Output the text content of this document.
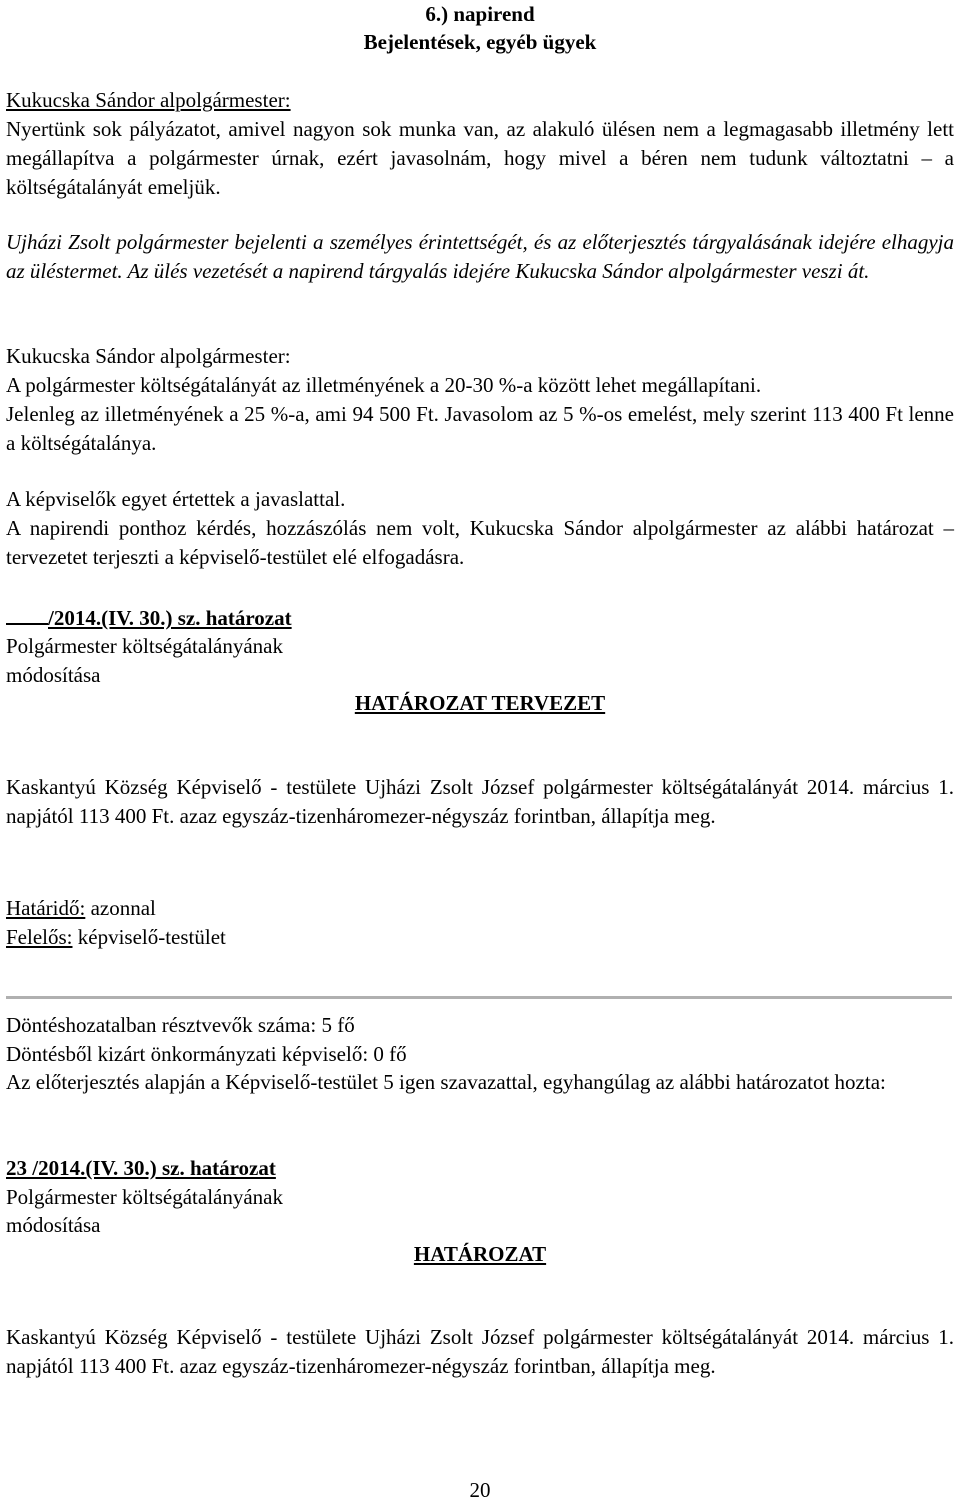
6.) napirend

Bejelentések, egyéb ügyek

Kukucska Sándor alpolgármester:

Nyertünk sok pályázatot, amivel nagyon sok munka van, az alakuló ülésen nem a legmagasabb illetmény lett megállapítva a polgármester úrnak, ezért javasolnám, hogy mivel a béren nem tudunk változtatni – a költségátalányát emeljük.

Ujházi Zsolt polgármester bejelenti a személyes érintettségét, és az előterjesztés tárgyalásának idejére elhagyja az üléstermet. Az ülés vezetését a napirend tárgyalás idejére Kukucska Sándor alpolgármester veszi át.

Kukucska Sándor alpolgármester:

A polgármester költségátalányát az illetményének a 20-30 %-a között lehet megállapítani.
Jelenleg az illetményének a 25 %-a, ami 94 500 Ft. Javasolom az 5 %-os emelést, mely szerint 113 400 Ft lenne a költségátalánya.

A képviselők egyet értettek a javaslattal.

A napirendi ponthoz kérdés, hozzászólás nem volt, Kukucska Sándor alpolgármester az alábbi határozat – tervezetet terjeszti a képviselő-testület elé elfogadásra.

/2014.(IV. 30.) sz. határozat

Polgármester költségátalányának

módosítása

HATÁROZAT TERVEZET

Kaskantyú Község Képviselő - testülete Ujházi Zsolt József polgármester költségátalányát 2014. március 1. napjától 113 400 Ft. azaz egyszáz-tizenháromezer-négyszáz forintban, állapítja meg.

Határidő: azonnal

Felelős: képviselő-testület

Döntéshozatalban résztvevők száma: 5 fő

Döntésből kizárt önkormányzati képviselő: 0 fő

Az előterjesztés alapján a Képviselő-testület 5 igen szavazattal, egyhangúlag az alábbi határozatot hozta:

23 /2014.(IV. 30.) sz. határozat

Polgármester költségátalányának

módosítása

HATÁROZAT

Kaskantyú Község Képviselő - testülete Ujházi Zsolt József polgármester költségátalányát 2014. március 1. napjától 113 400 Ft. azaz egyszáz-tizenháromezer-négyszáz forintban, állapítja meg.

20
